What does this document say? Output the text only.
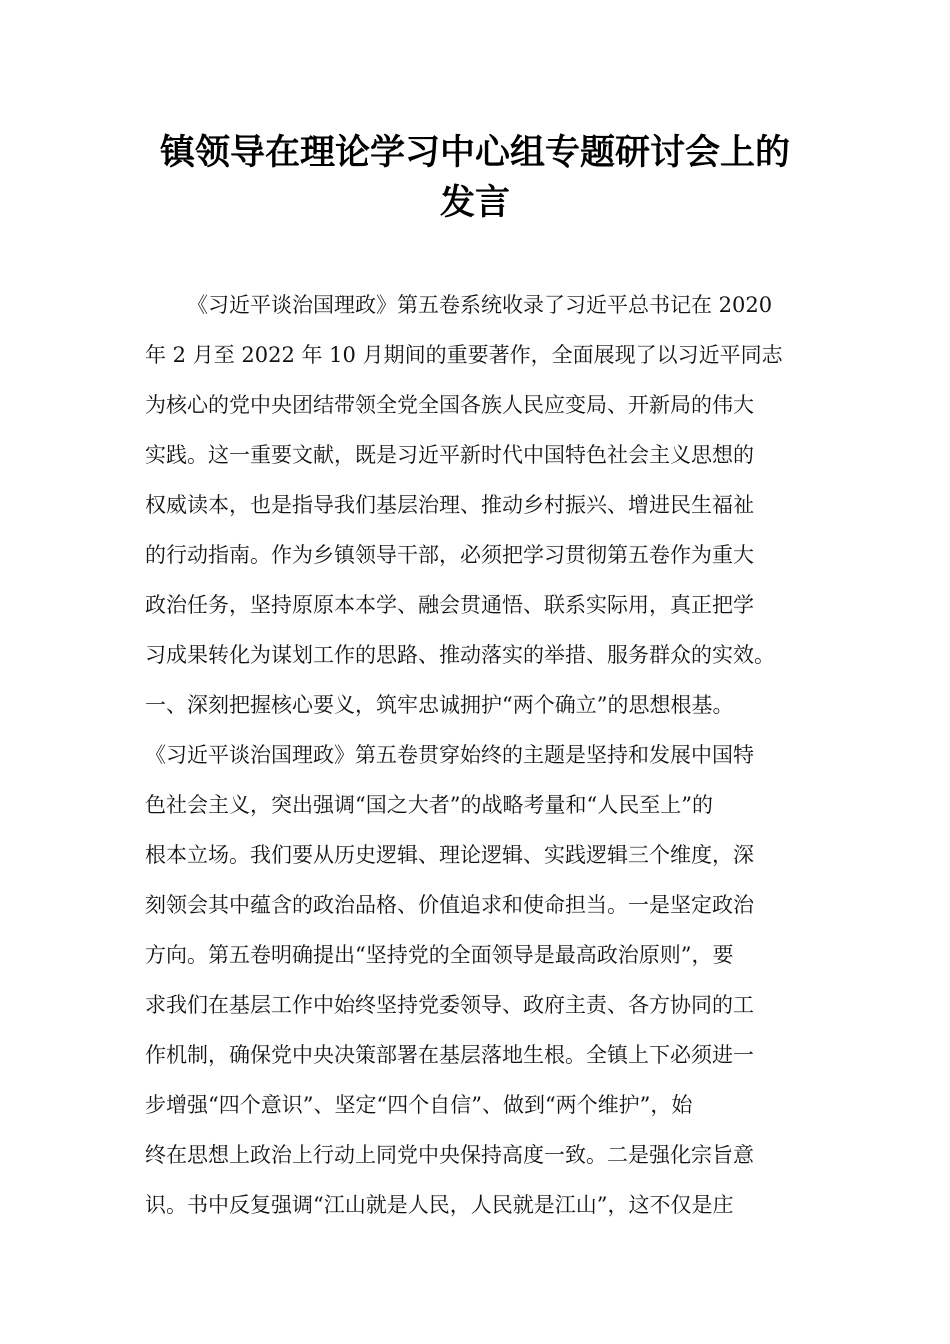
镇领导在理论学习中心组专题研讨会上的
发言
《习近平谈治国理政》第五卷系统收录了习近平总书记在 2020
年 2 月至 2022 年 10 月期间的重要著作，全面展现了以习近平同志
为核心的党中央团结带领全党全国各族人民应变局、开新局的伟大
实践。这一重要文献，既是习近平新时代中国特色社会主义思想的
权威读本，也是指导我们基层治理、推动乡村振兴、增进民生福祉
的行动指南。作为乡镇领导干部，必须把学习贯彻第五卷作为重大
政治任务，坚持原原本本学、融会贯通悟、联系实际用，真正把学
习成果转化为谋划工作的思路、推动落实的举措、服务群众的实效。
一、深刻把握核心要义，筑牢忠诚拥护“两个确立”的思想根基。
《习近平谈治国理政》第五卷贯穿始终的主题是坚持和发展中国特
色社会主义，突出强调“国之大者”的战略考量和“人民至上”的
根本立场。我们要从历史逻辑、理论逻辑、实践逻辑三个维度，深
刻领会其中蕴含的政治品格、价值追求和使命担当。一是坚定政治
方向。第五卷明确提出“坚持党的全面领导是最高政治原则”，要
求我们在基层工作中始终坚持党委领导、政府主责、各方协同的工
作机制，确保党中央决策部署在基层落地生根。全镇上下必须进一
步增强“四个意识”、坚定“四个自信”、做到“两个维护”，始
终在思想上政治上行动上同党中央保持高度一致。二是强化宗旨意
识。书中反复强调“江山就是人民，人民就是江山”，这不仅是庄
